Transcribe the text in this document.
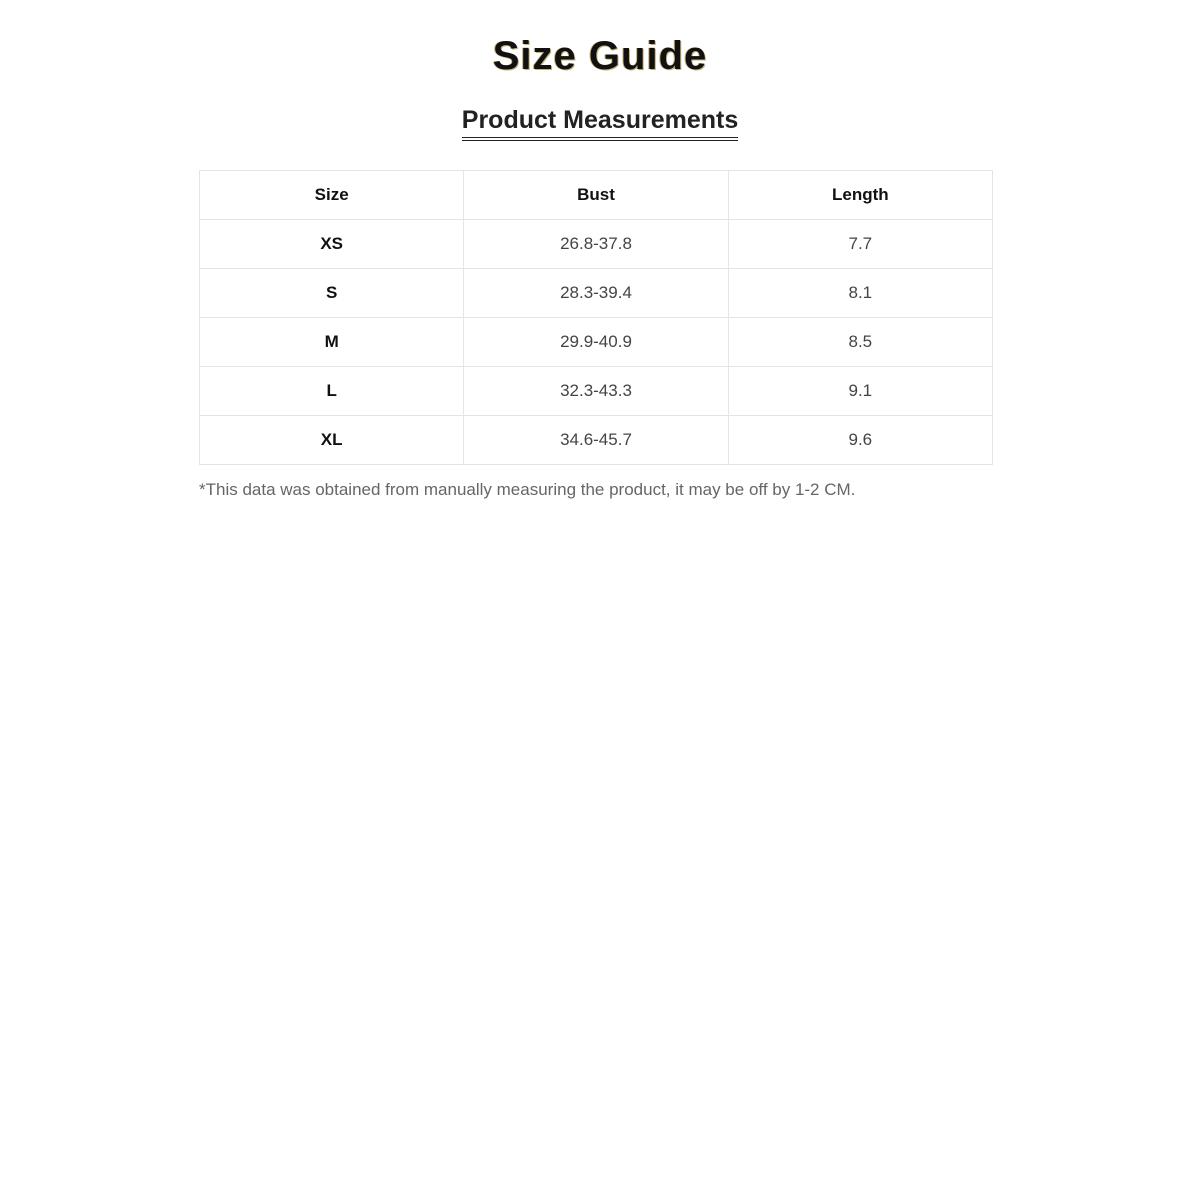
Size Guide
Product Measurements
Size	Bust	Length
XS	26.8-37.8	7.7
S	28.3-39.4	8.1
M	29.9-40.9	8.5
L	32.3-43.3	9.1
XL	34.6-45.7	9.6
*This data was obtained from manually measuring the product, it may be off by 1-2 CM.
